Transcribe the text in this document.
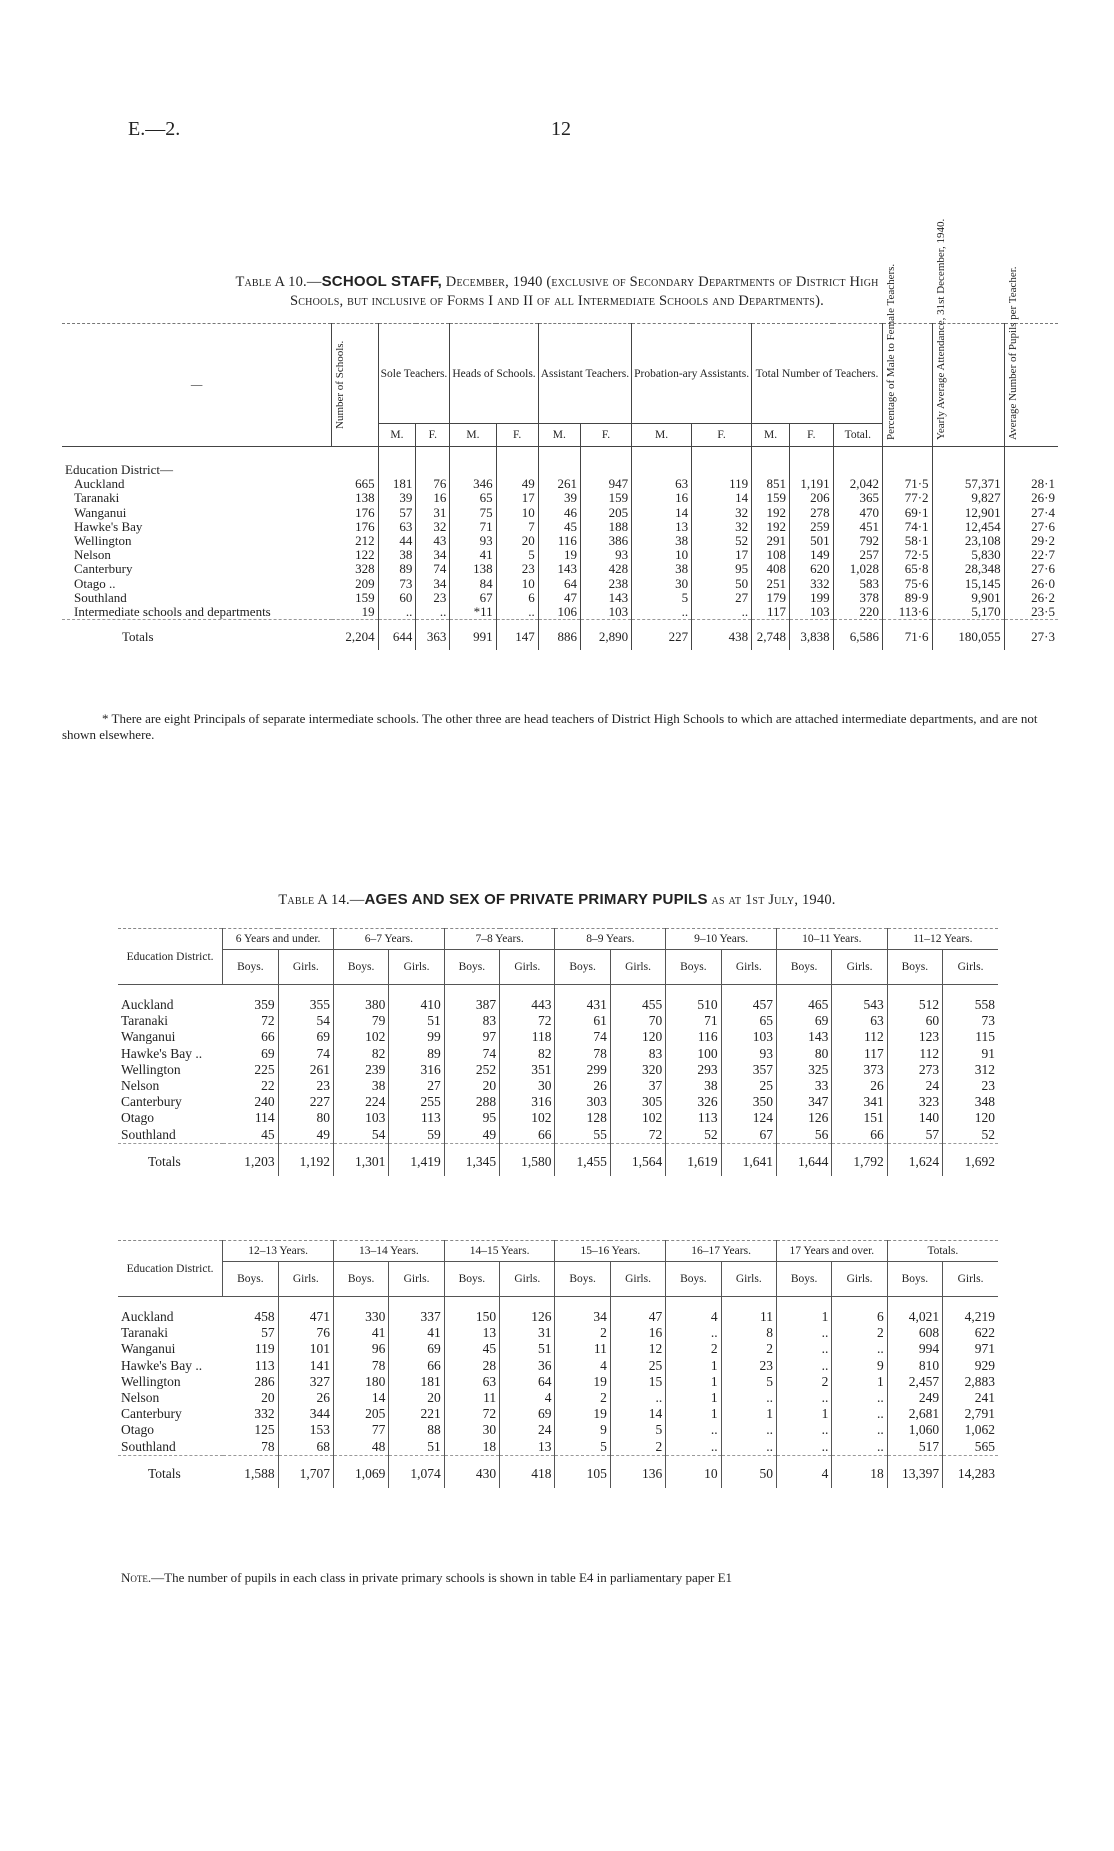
E.—2.	12
Table A 10.—SCHOOL STAFF, December, 1940 (exclusive of Secondary Departments of District High
Schools, but inclusive of Forms I and II of all Intermediate Schools and Departments).
—	Number of Schools.	Sole Teachers.		Heads of Schools.		Assistant Teachers.		Probation-ary Assistants.		Total Number of Teachers.			Percentage of Male to Female Teachers.	Yearly Average Attendance, 31st December, 1940.	Average Number of Pupils per Teacher.

		M.	F.	M.	F.	M.	F.	M.	F.	M.	F.	Total.			
Education District—															
Auckland	665	181	76	346	49	261	947	63	119	851	1,191	2,042	71·5	57,371	28·1
Taranaki	138	39	16	65	17	39	159	16	14	159	206	365	77·2	9,827	26·9
Wanganui	176	57	31	75	10	46	205	14	32	192	278	470	69·1	12,901	27·4
Hawke's Bay	176	63	32	71	7	45	188	13	32	192	259	451	74·1	12,454	27·6
Wellington	212	44	43	93	20	116	386	38	52	291	501	792	58·1	23,108	29·2
Nelson	122	38	34	41	5	19	93	10	17	108	149	257	72·5	5,830	22·7
Canterbury	328	89	74	138	23	143	428	38	95	408	620	1,028	65·8	28,348	27·6
Otago ..	209	73	34	84	10	64	238	30	50	251	332	583	75·6	15,145	26·0
Southland	159	60	23	67	6	47	143	5	27	179	199	378	89·9	9,901	26·2
Intermediate schools and departments	19	..	..	*11	..	106	103	..	..	117	103	220	113·6	5,170	23·5
Totals	2,204	644	363	991	147	886	2,890	227	438	2,748	3,838	6,586	71·6	180,055	27·3
* There are eight Principals of separate intermediate schools. The other three are head teachers of District High Schools to which are attached intermediate departments, and are not shown elsewhere.
Table A 14.—AGES AND SEX OF PRIVATE PRIMARY PUPILS as at 1st July, 1940.
Education District.	6 Years and under.		6–7 Years.		7–8 Years.		8–9 Years.		9–10 Years.		10–11 Years.		11–12 Years.	
	Boys.	Girls.	Boys.	Girls.	Boys.	Girls.	Boys.	Girls.	Boys.	Girls.	Boys.	Girls.	Boys.	Girls.
Auckland	359	355	380	410	387	443	431	455	510	457	465	543	512	558
Taranaki	72	54	79	51	83	72	61	70	71	65	69	63	60	73
Wanganui	66	69	102	99	97	118	74	120	116	103	143	112	123	115
Hawke's Bay ..	69	74	82	89	74	82	78	83	100	93	80	117	112	91
Wellington	225	261	239	316	252	351	299	320	293	357	325	373	273	312
Nelson	22	23	38	27	20	30	26	37	38	25	33	26	24	23
Canterbury	240	227	224	255	288	316	303	305	326	350	347	341	323	348
Otago	114	80	103	113	95	102	128	102	113	124	126	151	140	120
Southland	45	49	54	59	49	66	55	72	52	67	56	66	57	52
Totals	1,203	1,192	1,301	1,419	1,345	1,580	1,455	1,564	1,619	1,641	1,644	1,792	1,624	1,692
Education District.	12–13 Years.		13–14 Years.		14–15 Years.		15–16 Years.		16–17 Years.		17 Years and over.		Totals.	
	Boys.	Girls.	Boys.	Girls.	Boys.	Girls.	Boys.	Girls.	Boys.	Girls.	Boys.	Girls.	Boys.	Girls.
Auckland	458	471	330	337	150	126	34	47	4	11	1	6	4,021	4,219
Taranaki	57	76	41	41	13	31	2	16	..	8	..	2	608	622
Wanganui	119	101	96	69	45	51	11	12	2	2	..	..	994	971
Hawke's Bay ..	113	141	78	66	28	36	4	25	1	23	..	9	810	929
Wellington	286	327	180	181	63	64	19	15	1	5	2	1	2,457	2,883
Nelson	20	26	14	20	11	4	2	..	1	..	..	..	249	241
Canterbury	332	344	205	221	72	69	19	14	1	1	1	..	2,681	2,791
Otago	125	153	77	88	30	24	9	5	..	..	..	..	1,060	1,062
Southland	78	68	48	51	18	13	5	2	..	..	..	..	517	565
Totals	1,588	1,707	1,069	1,074	430	418	105	136	10	50	4	18	13,397	14,283
Note.—The number of pupils in each class in private primary schools is shown in table E4 in parliamentary paper E1
